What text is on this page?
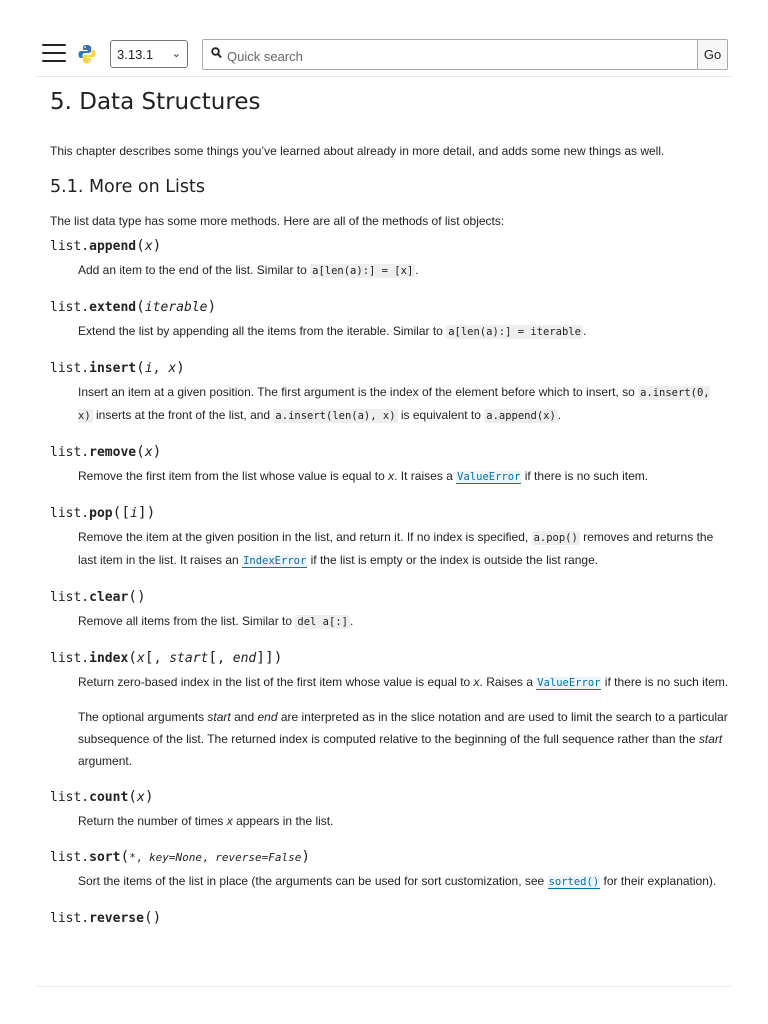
3.13.1 ⌄
Quick search	Go
5. Data Structures

This chapter describes some things you’ve learned about already in more detail, and adds some new things as well.

5.1. More on Lists

The list data type has some more methods. Here are all of the methods of list objects:

list.append(x)
Add an item to the end of the list. Similar to a[len(a):] = [x] .
list.extend(iterable)
Extend the list by appending all the items from the iterable. Similar to a[len(a):] = iterable .
list.insert(i, x)
Insert an item at a given position. The first argument is the index of the element before which to insert, so a.insert(0, x) inserts at the front of the list, and a.insert(len(a), x) is equivalent to a.append(x) .
list.remove(x)
Remove the first item from the list whose value is equal to x. It raises a ValueError if there is no such item.
list.pop([i])
Remove the item at the given position in the list, and return it. If no index is specified, a.pop() removes and returns the last item in the list. It raises an IndexError if the list is empty or the index is outside the list range.
list.clear()
Remove all items from the list. Similar to del a[:] .
list.index(x[, start[, end]])
Return zero-based index in the list of the first item whose value is equal to x. Raises a ValueError if there is no such item.
The optional arguments start and end are interpreted as in the slice notation and are used to limit the search to a particular subsequence of the list. The returned index is computed relative to the beginning of the full sequence rather than the start argument.
list.count(x)
Return the number of times x appears in the list.
list.sort(*, key=None, reverse=False)
Sort the items of the list in place (the arguments can be used for sort customization, see sorted() for their explanation).
list.reverse()
